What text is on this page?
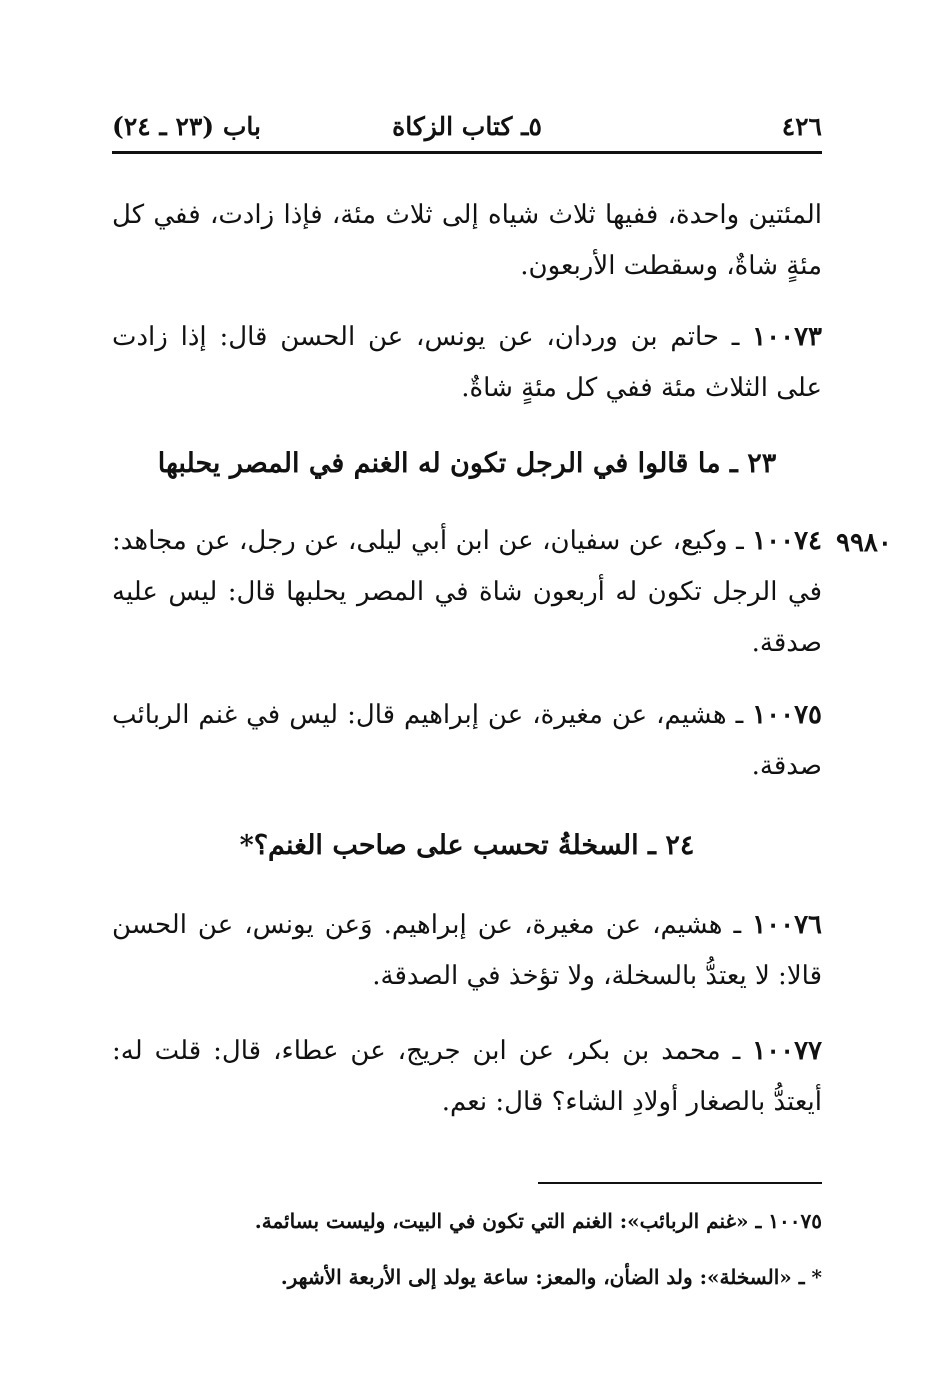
٤٢٦
٥ـ كتاب الزكاة
باب (٢٣ ـ ٢٤)
المئتين واحدة، ففيها ثلاث شياه إلى ثلاث مئة، فإذا زادت، ففي كل مئةٍ شاةٌ، وسقطت الأربعون.
١٠٠٧٣ ـ حاتم بن وردان، عن يونس، عن الحسن قال: إذا زادت على الثلاث مئة ففي كل مئةٍ شاةٌ.
٢٣ ـ ما قالوا في الرجل تكون له الغنم في المصر يحلبها
٩٩٨٠
١٠٠٧٤ ـ وكيع، عن سفيان، عن ابن أبي ليلى، عن رجل، عن مجاهد: في الرجل تكون له أربعون شاة في المصر يحلبها قال: ليس عليه صدقة.
١٠٠٧٥ ـ هشيم، عن مغيرة، عن إبراهيم قال: ليس في غنم الربائب صدقة.
٢٤ ـ السخلةُ تحسب على صاحب الغنم؟*
١٠٠٧٦ ـ هشيم، عن مغيرة، عن إبراهيم. وَعن يونس، عن الحسن قالا: لا يعتدُّ بالسخلة، ولا تؤخذ في الصدقة.
١٠٠٧٧ ـ محمد بن بكر، عن ابن جريج، عن عطاء، قال: قلت له: أيعتدُّ بالصغار أولادِ الشاء؟ قال: نعم.
١٠٠٧٥ ـ «غنم الربائب»: الغنم التي تكون في البيت، وليست بسائمة.
* ـ «السخلة»: ولد الضأن، والمعز: ساعة يولد إلى الأربعة الأشهر.
